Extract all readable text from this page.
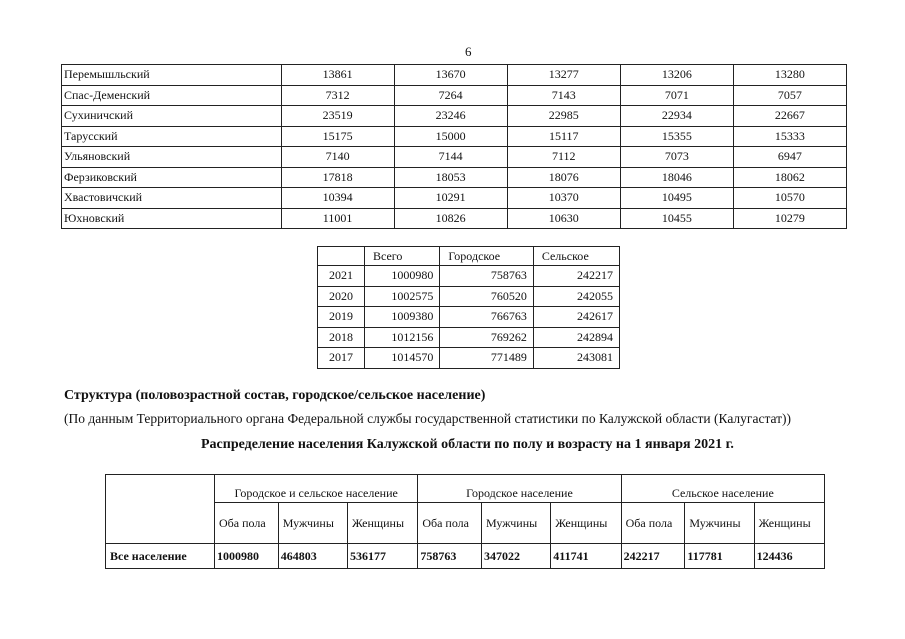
6
Перемышльский	13861	13670	13277	13206	13280
Спас-Деменский	7312	7264	7143	7071	7057
Сухиничский	23519	23246	22985	22934	22667
Тарусский	15175	15000	15117	15355	15333
Ульяновский	7140	7144	7112	7073	6947
Ферзиковский	17818	18053	18076	18046	18062
Хвастовичский	10394	10291	10370	10495	10570
Юхновский	11001	10826	10630	10455	10279
	Всего	Городское	Сельское
2021	1000980	758763	242217
2020	1002575	760520	242055
2019	1009380	766763	242617
2018	1012156	769262	242894
2017	1014570	771489	243081
Структура (половозрастной состав, городское/сельское население)
(По данным Территориального органа Федеральной службы государственной статистики по Калужской области (Калугастат))
Распределение населения Калужской области по полу и возрасту на 1 января 2021 г.
	Городское и сельское население			Городское население			Сельское население		
	Оба пола	Мужчины	Женщины	Оба пола	Мужчины	Женщины	Оба пола	Мужчины	Женщины
Все население	1000980	464803	536177	758763	347022	411741	242217	117781	124436
